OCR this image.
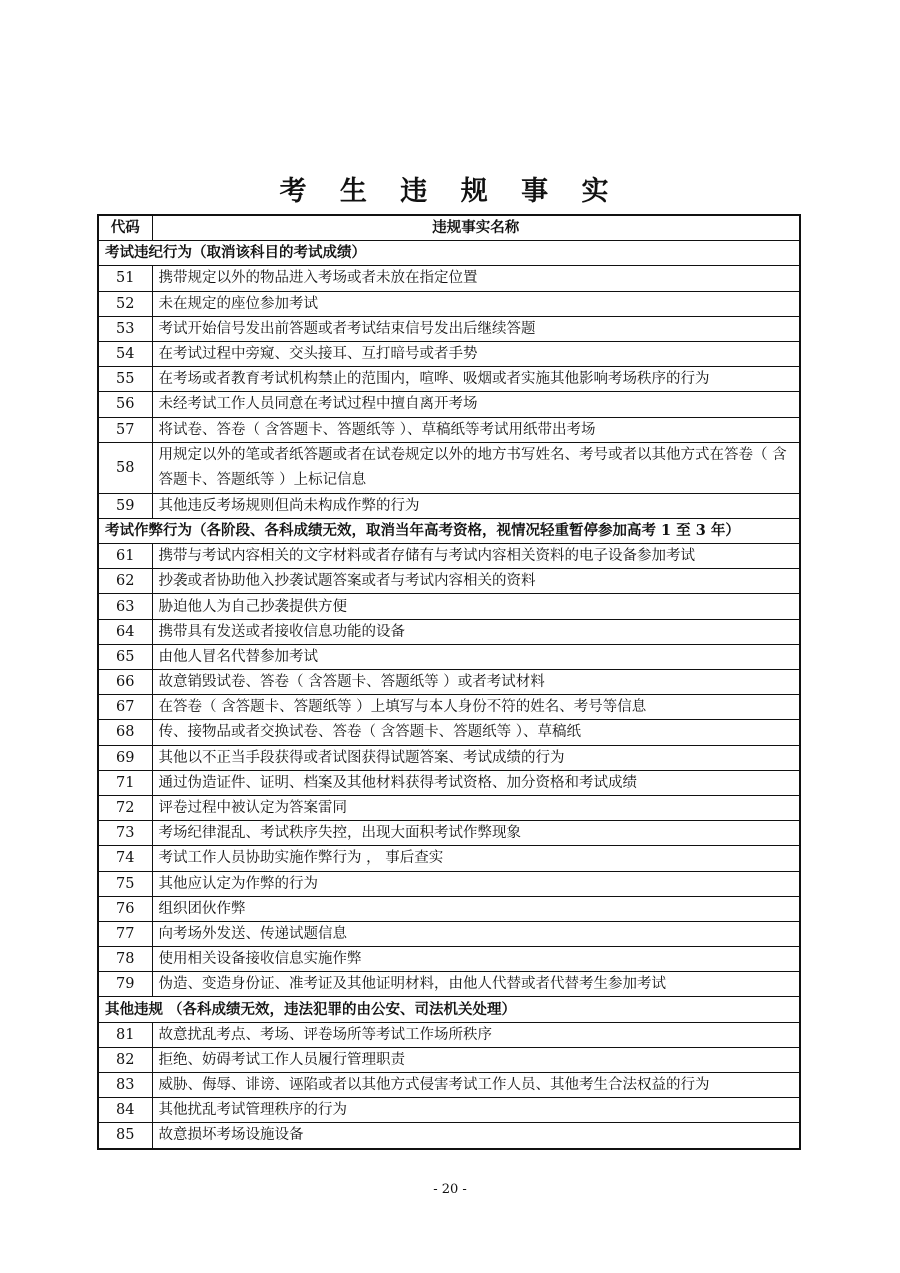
考 生 违 规 事 实
代码	违规事实名称
考试违纪行为（取消该科目的考试成绩）	
51	携带规定以外的物品进入考场或者未放在指定位置
52	未在规定的座位参加考试
53	考试开始信号发出前答题或者考试结束信号发出后继续答题
54	在考试过程中旁窥、交头接耳、互打暗号或者手势
55	在考场或者教育考试机构禁止的范围内，喧哗、吸烟或者实施其他影响考场秩序的行为
56	未经考试工作人员同意在考试过程中擅自离开考场
57	将试卷、答卷（ 含答题卡、答题纸等 ）、草稿纸等考试用纸带出考场
58	用规定以外的笔或者纸答题或者在试卷规定以外的地方书写姓名、考号或者以其他方式在答卷（ 含答题卡、答题纸等 ）上标记信息
59	其他违反考场规则但尚未构成作弊的行为
考试作弊行为（各阶段、各科成绩无效，取消当年高考资格，视情况轻重暂停参加高考 1 至 3 年）	
61	携带与考试内容相关的文字材料或者存储有与考试内容相关资料的电子设备参加考试
62	抄袭或者协助他入抄袭试题答案或者与考试内容相关的资料
63	胁迫他人为自己抄袭提供方便
64	携带具有发送或者接收信息功能的设备
65	由他人冒名代替参加考试
66	故意销毁试卷、答卷（ 含答题卡、答题纸等 ）或者考试材料
67	在答卷（ 含答题卡、答题纸等 ）上填写与本人身份不符的姓名、考号等信息
68	传、接物品或者交换试卷、答卷（ 含答题卡、答题纸等 ）、草稿纸
69	其他以不正当手段获得或者试图获得试题答案、考试成绩的行为
71	通过伪造证件、证明、档案及其他材料获得考试资格、加分资格和考试成绩
72	评卷过程中被认定为答案雷同
73	考场纪律混乱、考试秩序失控，出现大面积考试作弊现象
74	考试工作人员协助实施作弊行为 ， 事后查实
75	其他应认定为作弊的行为
76	组织团伙作弊
77	向考场外发送、传递试题信息
78	使用相关设备接收信息实施作弊
79	伪造、变造身份证、准考证及其他证明材料，由他人代替或者代替考生参加考试
其他违规 （各科成绩无效，违法犯罪的由公安、司法机关处理）	
81	故意扰乱考点、考场、评卷场所等考试工作场所秩序
82	拒绝、妨碍考试工作人员履行管理职责
83	威胁、侮辱、诽谤、诬陷或者以其他方式侵害考试工作人员、其他考生合法权益的行为
84	其他扰乱考试管理秩序的行为
85	故意损坏考场设施设备
- 20 -
